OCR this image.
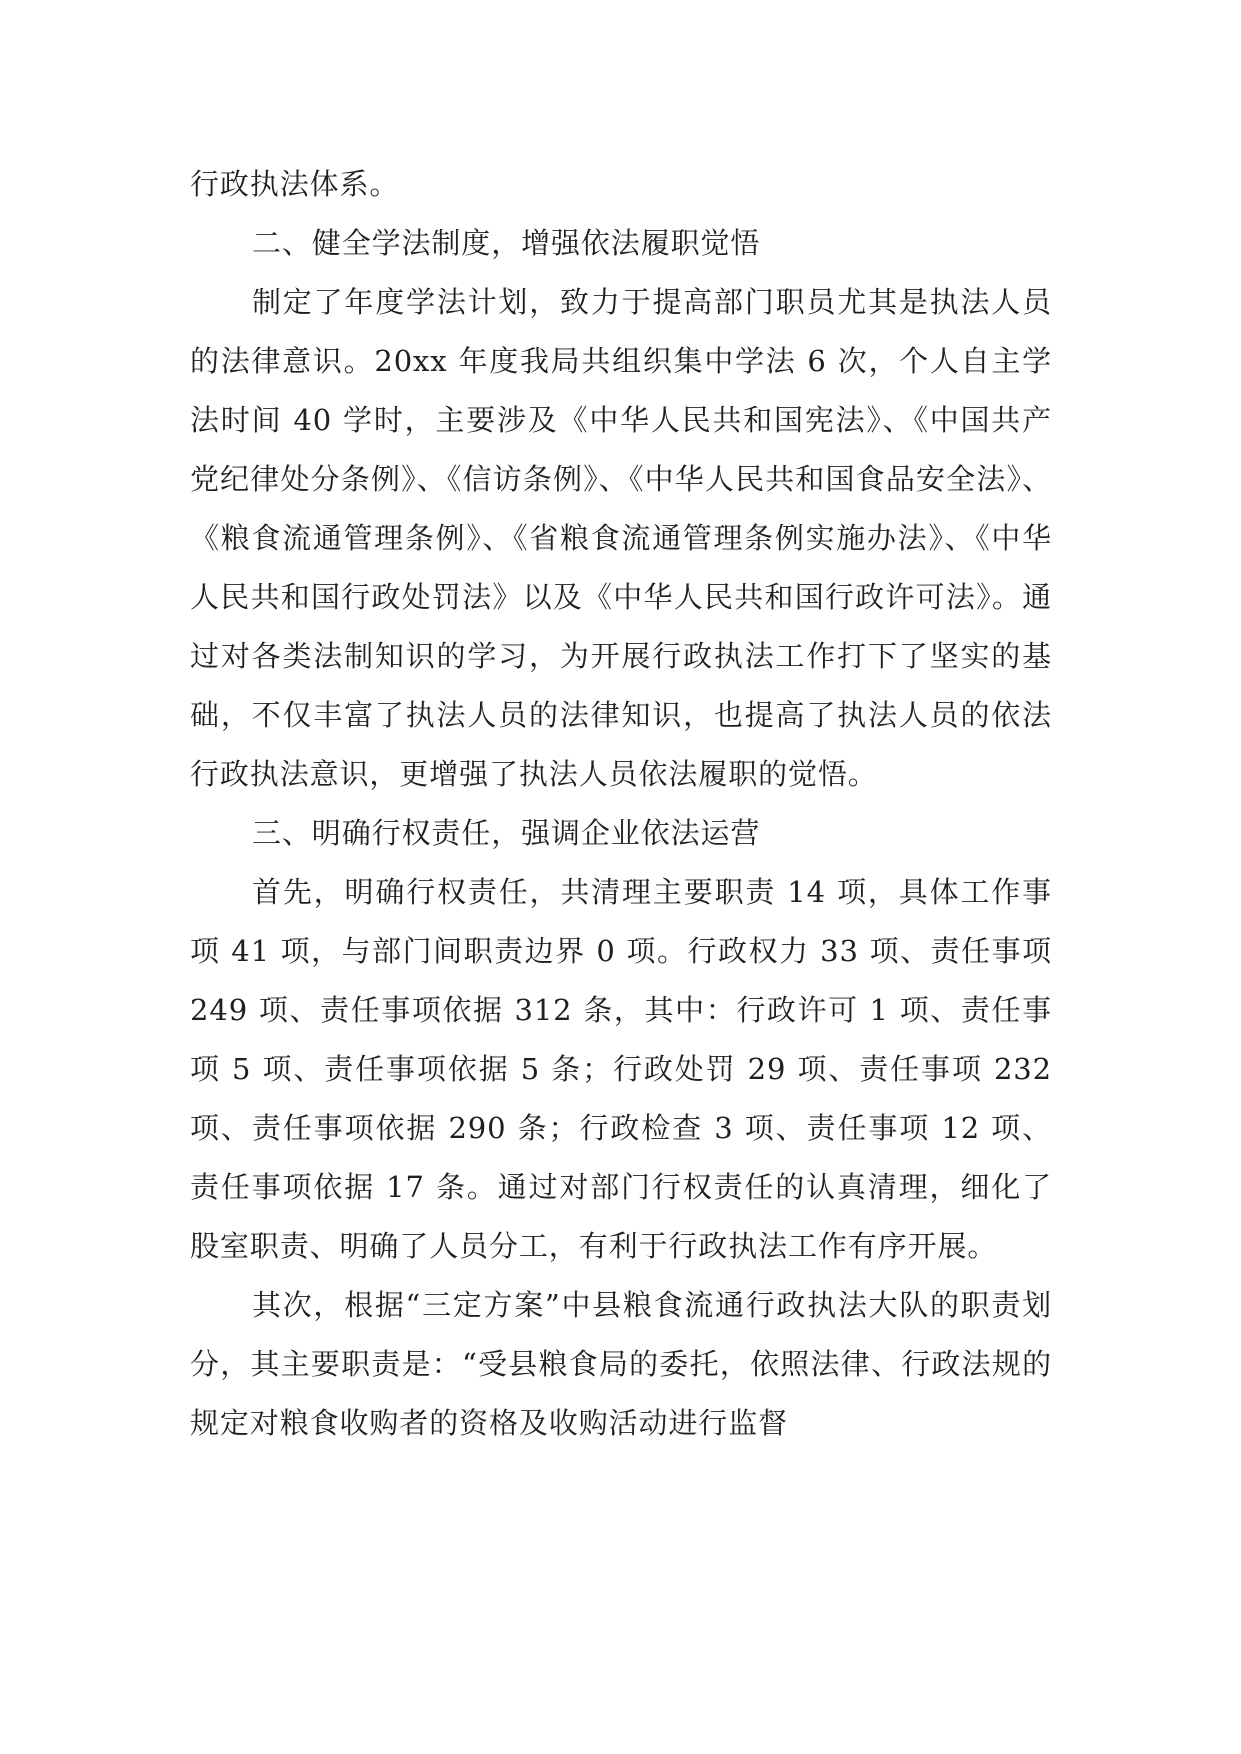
行政执法体系。

二、健全学法制度，增强依法履职觉悟

制定了年度学法计划，致力于提高部门职员尤其是执法人员的法律意识。20xx 年度我局共组织集中学法 6 次，个人自主学法时间 40 学时，主要涉及《中华人民共和国宪法》、《中国共产党纪律处分条例》、《信访条例》、《中华人民共和国食品安全法》、《粮食流通管理条例》、《省粮食流通管理条例实施办法》、《中华人民共和国行政处罚法》以及《中华人民共和国行政许可法》。通过对各类法制知识的学习，为开展行政执法工作打下了坚实的基础，不仅丰富了执法人员的法律知识，也提高了执法人员的依法行政执法意识，更增强了执法人员依法履职的觉悟。

三、明确行权责任，强调企业依法运营

首先，明确行权责任，共清理主要职责 14 项，具体工作事项 41 项，与部门间职责边界 0 项。行政权力 33 项、责任事项 249 项、责任事项依据 312 条，其中：行政许可 1 项、责任事项 5 项、责任事项依据 5 条；行政处罚 29 项、责任事项 232 项、责任事项依据 290 条；行政检查 3 项、责任事项 12 项、责任事项依据 17 条。通过对部门行权责任的认真清理，细化了股室职责、明确了人员分工，有利于行政执法工作有序开展。

其次，根据“三定方案”中县粮食流通行政执法大队的职责划分，其主要职责是：“受县粮食局的委托，依照法律、行政法规的规定对粮食收购者的资格及收购活动进行监督
